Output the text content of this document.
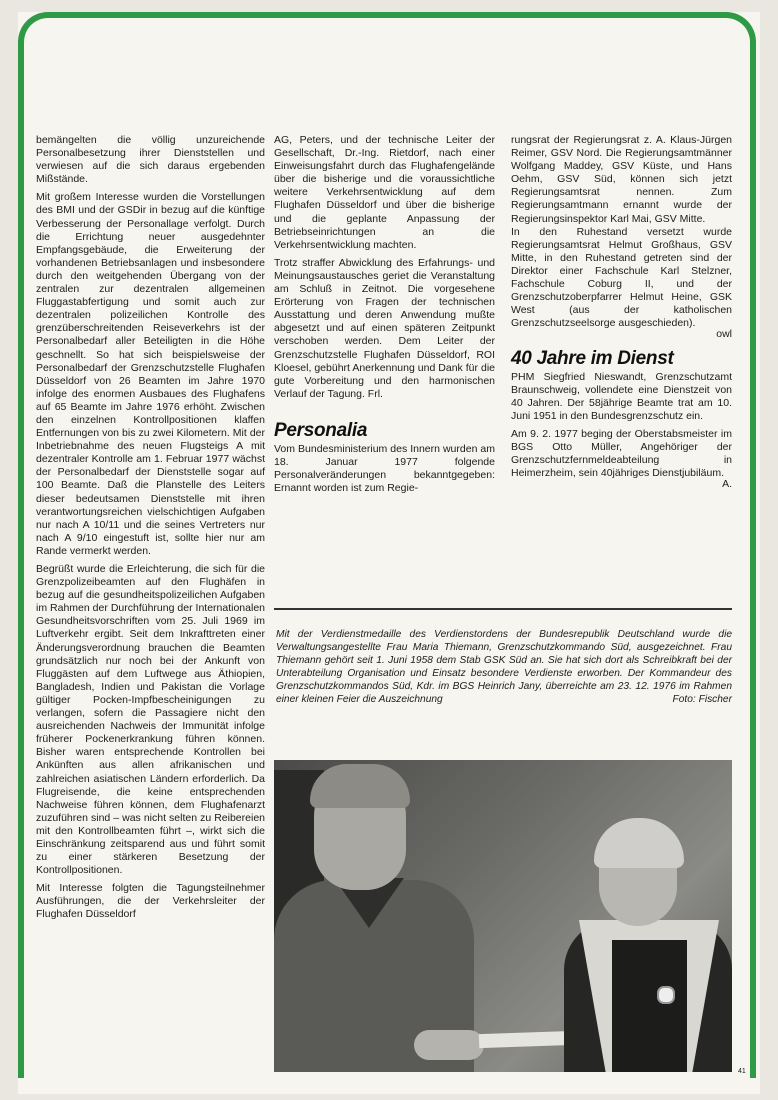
bemängelten die völlig unzureichende Personalbesetzung ihrer Dienststellen und verwiesen auf die sich daraus ergebenden Mißstände.

Mit großem Interesse wurden die Vorstellungen des BMI und der GSDir in bezug auf die künftige Verbesserung der Personallage verfolgt. Durch die Errichtung neuer ausgedehnter Empfangsgebäude, die Erweiterung der vorhandenen Betriebsanlagen und insbesondere durch den weitgehenden Übergang von der zentralen zur dezentralen allgemeinen Fluggastabfertigung und somit auch zur dezentralen polizeilichen Kontrolle des grenzüberschreitenden Reiseverkehrs ist der Personalbedarf aller Beteiligten in die Höhe geschnellt. So hat sich beispielsweise der Personalbedarf der Grenzschutzstelle Flughafen Düsseldorf von 26 Beamten im Jahre 1970 infolge des enormen Ausbaues des Flughafens auf 65 Beamte im Jahre 1976 erhöht. Zwischen den einzelnen Kontrollpositionen klaffen Entfernungen von bis zu zwei Kilometern. Mit der Inbetriebnahme des neuen Flugsteigs A mit dezentraler Kontrolle am 1. Februar 1977 wächst der Personalbedarf der Dienststelle sogar auf 100 Beamte. Daß die Planstelle des Leiters dieser bedeutsamen Dienststelle mit ihren verantwortungsreichen vielschichtigen Aufgaben nur nach A 10/11 und die seines Vertreters nur nach A 9/10 eingestuft ist, sollte hier nur am Rande vermerkt werden.

Begrüßt wurde die Erleichterung, die sich für die Grenzpolizeibeamten auf den Flughäfen in bezug auf die gesundheitspolizeilichen Aufgaben im Rahmen der Durchführung der Internationalen Gesundheitsvorschriften vom 25. Juli 1969 im Luftverkehr ergibt. Seit dem Inkrafttreten einer Änderungsverordnung brauchen die Beamten grundsätzlich nur noch bei der Ankunft von Fluggästen auf dem Luftwege aus Äthiopien, Bangladesh, Indien und Pakistan die Vorlage gültiger Pocken-Impfbescheinigungen zu verlangen, sofern die Passagiere nicht den ausreichenden Nachweis der Immunität infolge früherer Pockenerkrankung führen können. Bisher waren entsprechende Kontrollen bei Ankünften aus allen afrikanischen und zahlreichen asiatischen Ländern erforderlich. Da Flugreisende, die keine entsprechenden Nachweise führen können, dem Flughafenarzt zuzuführen sind – was nicht selten zu Reibereien mit den Kontrollbeamten führt –, wirkt sich die Einschränkung zeitsparend aus und führt somit zu einer stärkeren Besetzung der Kontrollpositionen.

Mit Interesse folgten die Tagungsteilnehmer Ausführungen, die der Verkehrsleiter der Flughafen Düsseldorf

AG, Peters, und der technische Leiter der Gesellschaft, Dr.-Ing. Rietdorf, nach einer Einweisungsfahrt durch das Flughafengelände über die bisherige und die voraussichtliche weitere Verkehrsentwicklung auf dem Flughafen Düsseldorf und über die bisherige und die geplante Anpassung der Betriebseinrichtungen an die Verkehrsentwicklung machten.

Trotz straffer Abwicklung des Erfahrungs- und Meinungsaustausches geriet die Veranstaltung am Schluß in Zeitnot. Die vorgesehene Erörterung von Fragen der technischen Ausstattung und deren Anwendung mußte abgesetzt und auf einen späteren Zeitpunkt verschoben werden. Dem Leiter der Grenzschutzstelle Flughafen Düsseldorf, ROI Kloesel, gebührt Anerkennung und Dank für die gute Vorbereitung und den harmonischen Verlauf der Tagung. Frl.

Personalia

Vom Bundesministerium des Innern wurden am 18. Januar 1977 folgende Personalveränderungen bekanntgegeben: Ernannt worden ist zum Regie-

rungsrat der Regierungsrat z. A. Klaus-Jürgen Reimer, GSV Nord. Die Regierungsamtmänner Wolfgang Maddey, GSV Küste, und Hans Oehm, GSV Süd, können sich jetzt Regierungsamtsrat nennen. Zum Regierungsamtmann ernannt wurde der Regierungsinspektor Karl Mai, GSV Mitte.

In den Ruhestand versetzt wurde Regierungsamtsrat Helmut Großhaus, GSV Mitte, in den Ruhestand getreten sind der Direktor einer Fachschule Karl Stelzner, Fachschule Coburg II, und der Grenzschutzoberpfarrer Helmut Heine, GSK West (aus der katholischen Grenzschutzseelsorge ausgeschieden).

owl
40 Jahre im Dienst

PHM Siegfried Nieswandt, Grenzschutzamt Braunschweig, vollendete eine Dienstzeit von 40 Jahren. Der 58jährige Beamte trat am 10. Juni 1951 in den Bundesgrenzschutz ein.

Am 9. 2. 1977 beging der Oberstabsmeister im BGS Otto Müller, Angehöriger der Grenzschutzfernmeldeabteilung in Heimerzheim, sein 40jähriges Dienstjubiläum.

A.
Mit der Verdienstmedaille des Verdienstordens der Bundesrepublik Deutschland wurde die Verwaltungsangestellte Frau Maria Thiemann, Grenzschutzkommando Süd, ausgezeichnet. Frau Thiemann gehört seit 1. Juni 1958 dem Stab GSK Süd an. Sie hat sich dort als Schreibkraft bei der Unterabteilung Organisation und Einsatz besondere Verdienste erworben. Der Kommandeur des Grenzschutzkommandos Süd, Kdr. im BGS Heinrich Jany, überreichte am 23. 12. 1976 im Rahmen einer kleinen Feier die Auszeichnung	Foto: Fischer
41
